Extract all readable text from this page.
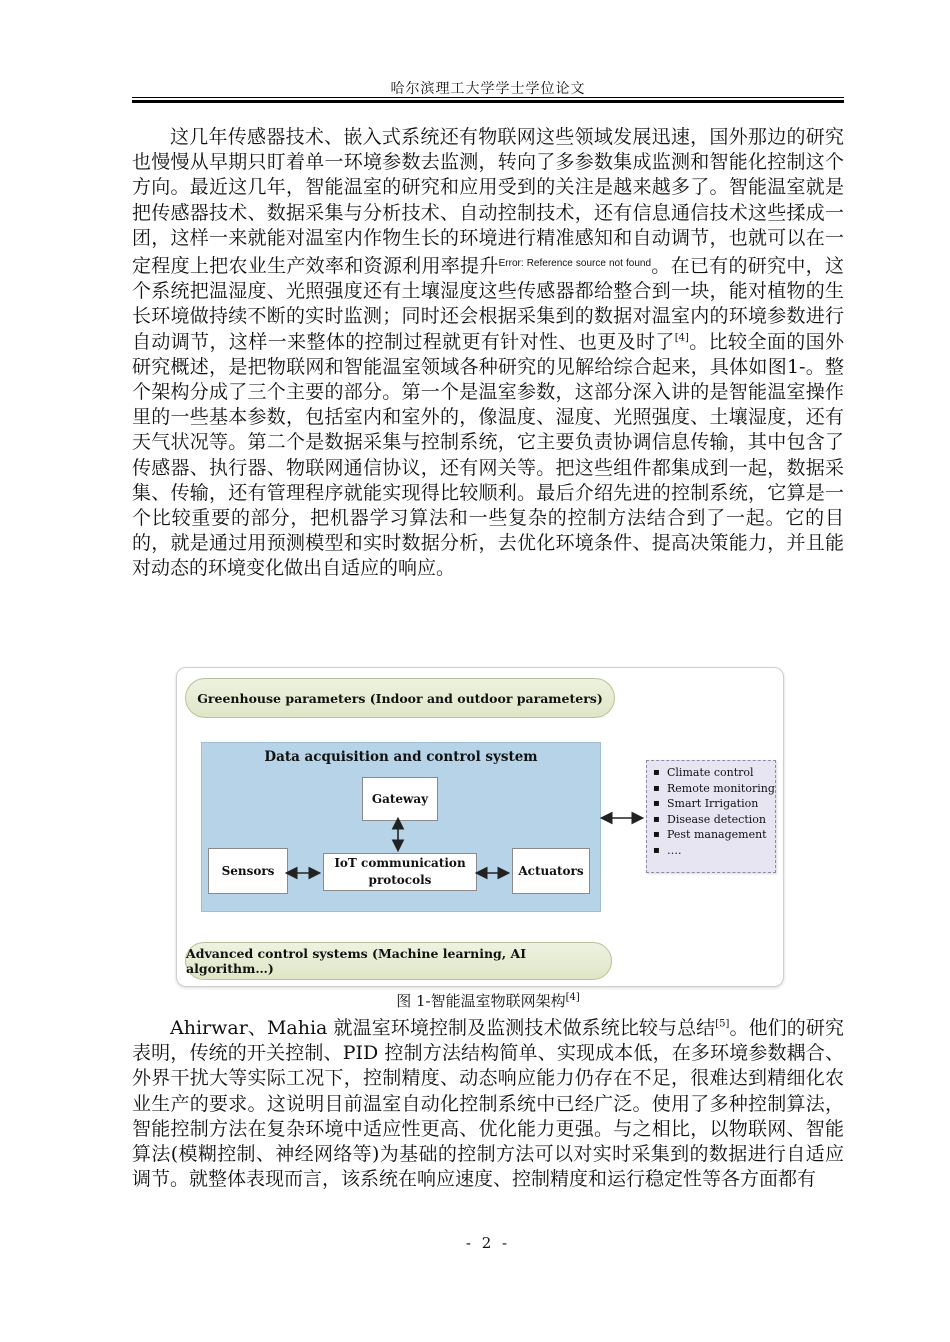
哈尔滨理工大学学士学位论文

这几年传感器技术、嵌入式系统还有物联网这些领域发展迅速，国外那边的研究也慢慢从早期只盯着单一环境参数去监测，转向了多参数集成监测和智能化控制这个方向。最近这几年，智能温室的研究和应用受到的关注是越来越多了。智能温室就是把传感器技术、数据采集与分析技术、自动控制技术，还有信息通信技术这些揉成一团，这样一来就能对温室内作物生长的环境进行精准感知和自动调节，也就可以在一定程度上把农业生产效率和资源利用率提升$^{Error: Reference source not found}$。在已有的研究中，这个系统把温湿度、光照强度还有土壤湿度这些传感器都给整合到一块，能对植物的生长环境做持续不断的实时监测；同时还会根据采集到的数据对温室内的环境参数进行自动调节，这样一来整体的控制过程就更有针对性、也更及时了[4]。比较全面的国外研究概述，是把物联网和智能温室领域各种研究的见解给综合起来，具体如图1-。整个架构分成了三个主要的部分。第一个是温室参数，这部分深入讲的是智能温室操作里的一些基本参数，包括室内和室外的，像温度、湿度、光照强度、土壤湿度，还有天气状况等。第二个是数据采集与控制系统，它主要负责协调信息传输，其中包含了传感器、执行器、物联网通信协议，还有网关等。把这些组件都集成到一起，数据采集、传输，还有管理程序就能实现得比较顺利。最后介绍先进的控制系统，它算是一个比较重要的部分，把机器学习算法和一些复杂的控制方法结合到了一起。它的目的，就是通过用预测模型和实时数据分析，去优化环境条件、提高决策能力，并且能对动态的环境变化做出自适应的响应。

Greenhouse parameters (Indoor and outdoor parameters)
Data acquisition and control system
Gateway
Sensors
IoT communication
protocols
Actuators
▪ Climate control
▪ Remote monitoring
▪ Smart Irrigation
▪ Disease detection
▪ Pest management
▪ ….
Advanced control systems (Machine learning, AI algorithm…)
图 1-智能温室物联网架构[4]

Ahirwar、Mahia 就温室环境控制及监测技术做系统比较与总结[5]。他们的研究表明，传统的开关控制、PID 控制方法结构简单、实现成本低，在多环境参数耦合、外界干扰大等实际工况下，控制精度、动态响应能力仍存在不足，很难达到精细化农业生产的要求。这说明目前温室自动化控制系统中已经广泛。使用了多种控制算法，智能控制方法在复杂环境中适应性更高、优化能力更强。与之相比，以物联网、智能算法(模糊控制、神经网络等)为基础的控制方法可以对实时采集到的数据进行自适应调节。就整体表现而言，该系统在响应速度、控制精度和运行稳定性等各方面都有

- 2 -
